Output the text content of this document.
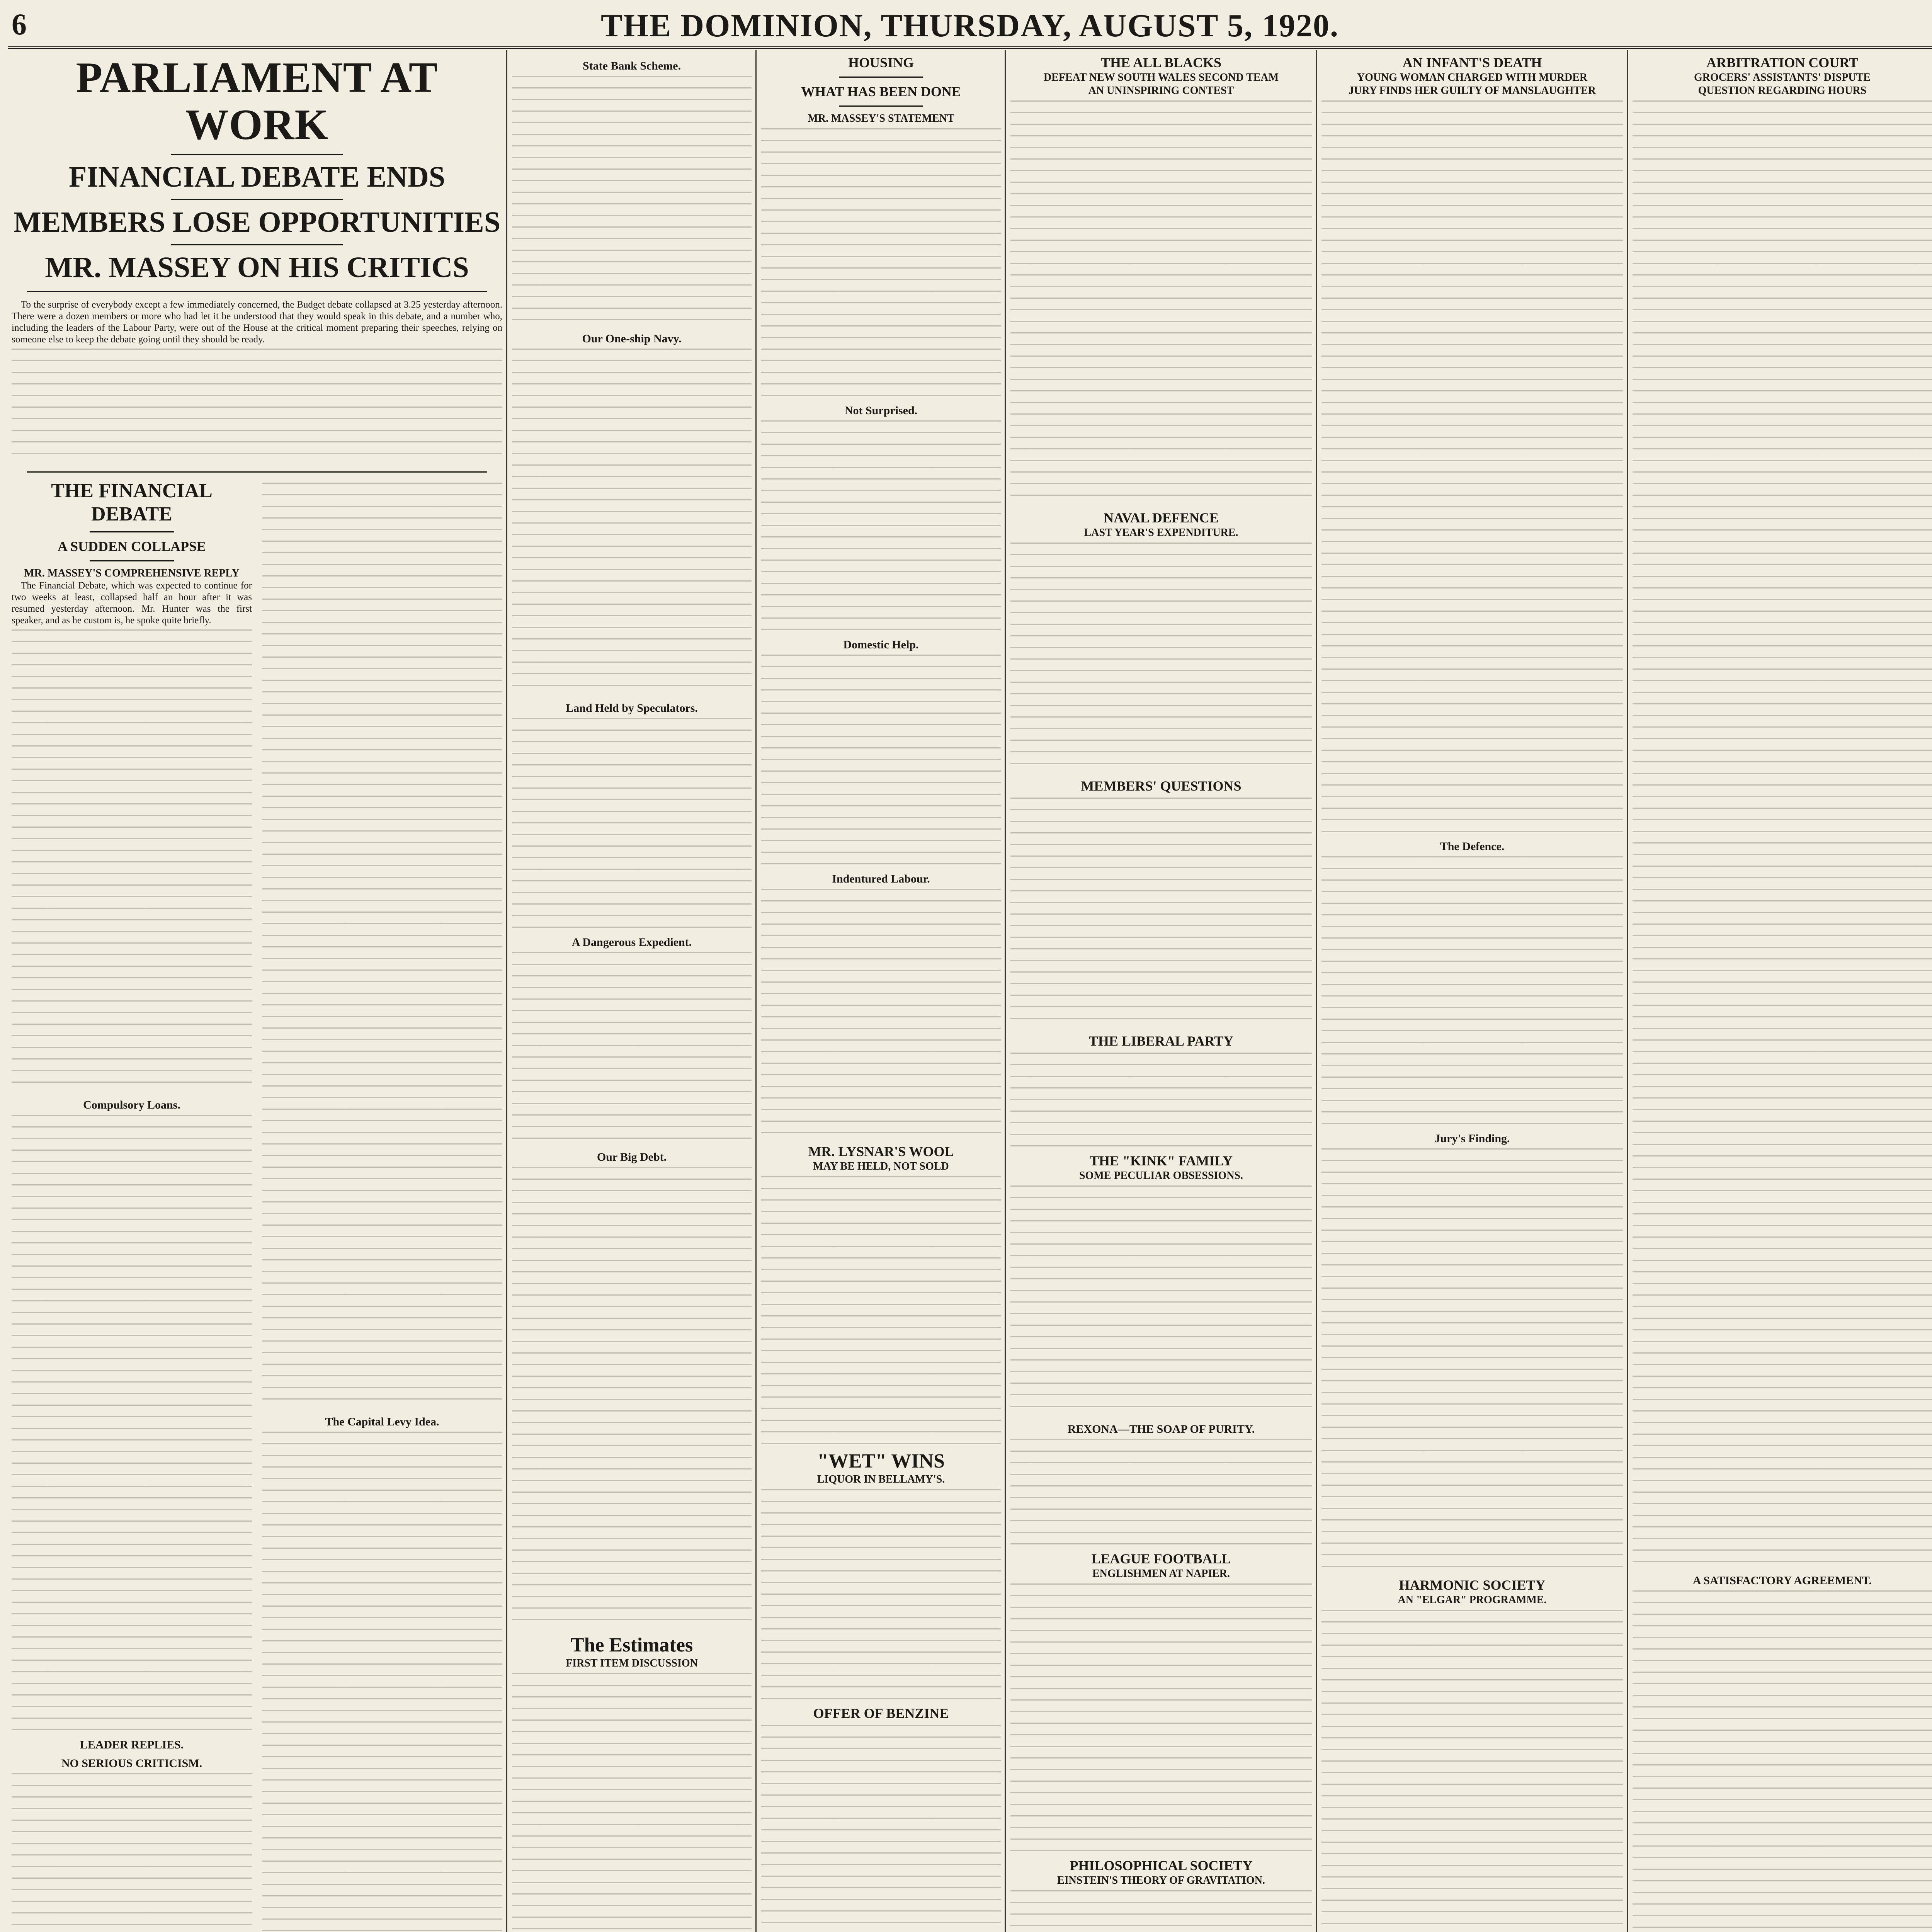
6	THE DOMINION, THURSDAY, AUGUST 5, 1920.
PARLIAMENT AT WORK
FINANCIAL DEBATE ENDS
MEMBERS LOSE OPPORTUNITIES
MR. MASSEY ON HIS CRITICS

To the surprise of everybody except a few immediately concerned, the Budget debate collapsed at 3.25 yesterday afternoon. There were a dozen members or more who had let it be understood that they would speak in this debate, and a number who, including the leaders of the Labour Party, were out of the House at the critical moment preparing their speeches, relying on someone else to keep the debate going until they should be ready.

THE FINANCIAL DEBATE
A SUDDEN COLLAPSE
MR. MASSEY'S COMPREHENSIVE REPLY

The Financial Debate, which was expected to continue for two weeks at least, collapsed half an hour after it was resumed yesterday afternoon. Mr. Hunter was the first speaker, and as he custom is, he spoke quite briefly.

Compulsory Loans.
LEADER REPLIES.
NO SERIOUS CRITICISM.
The Capital Levy Idea.
State Bank Scheme.
Our One-ship Navy.
Land Held by Speculators.
A Dangerous Expedient.
Our Big Debt.
The Estimates
FIRST ITEM DISCUSSION
HOUSING
WHAT HAS BEEN DONE
MR. MASSEY'S STATEMENT
Not Surprised.
Domestic Help.
Indentured Labour.
MR. LYSNAR'S WOOL
MAY BE HELD, NOT SOLD
"WET" WINS
LIQUOR IN BELLAMY'S.
OFFER OF BENZINE
THE ALL BLACKS
DEFEAT NEW SOUTH WALES SECOND TEAM
AN UNINSPIRING CONTEST
NAVAL DEFENCE
LAST YEAR'S EXPENDITURE.
MEMBERS' QUESTIONS
THE LIBERAL PARTY
THE "KINK" FAMILY
SOME PECULIAR OBSESSIONS.
REXONA—THE SOAP OF PURITY.
LEAGUE FOOTBALL
ENGLISHMEN AT NAPIER.
PHILOSOPHICAL SOCIETY
EINSTEIN'S THEORY OF GRAVITATION.
AN INFANT'S DEATH
YOUNG WOMAN CHARGED WITH MURDER
JURY FINDS HER GUILTY OF MANSLAUGHTER
The Defence.
Jury's Finding.
HARMONIC SOCIETY
AN "ELGAR" PROGRAMME.
ARBITRATION COURT
GROCERS' ASSISTANTS' DISPUTE
QUESTION REGARDING HOURS
A SATISFACTORY AGREEMENT.
